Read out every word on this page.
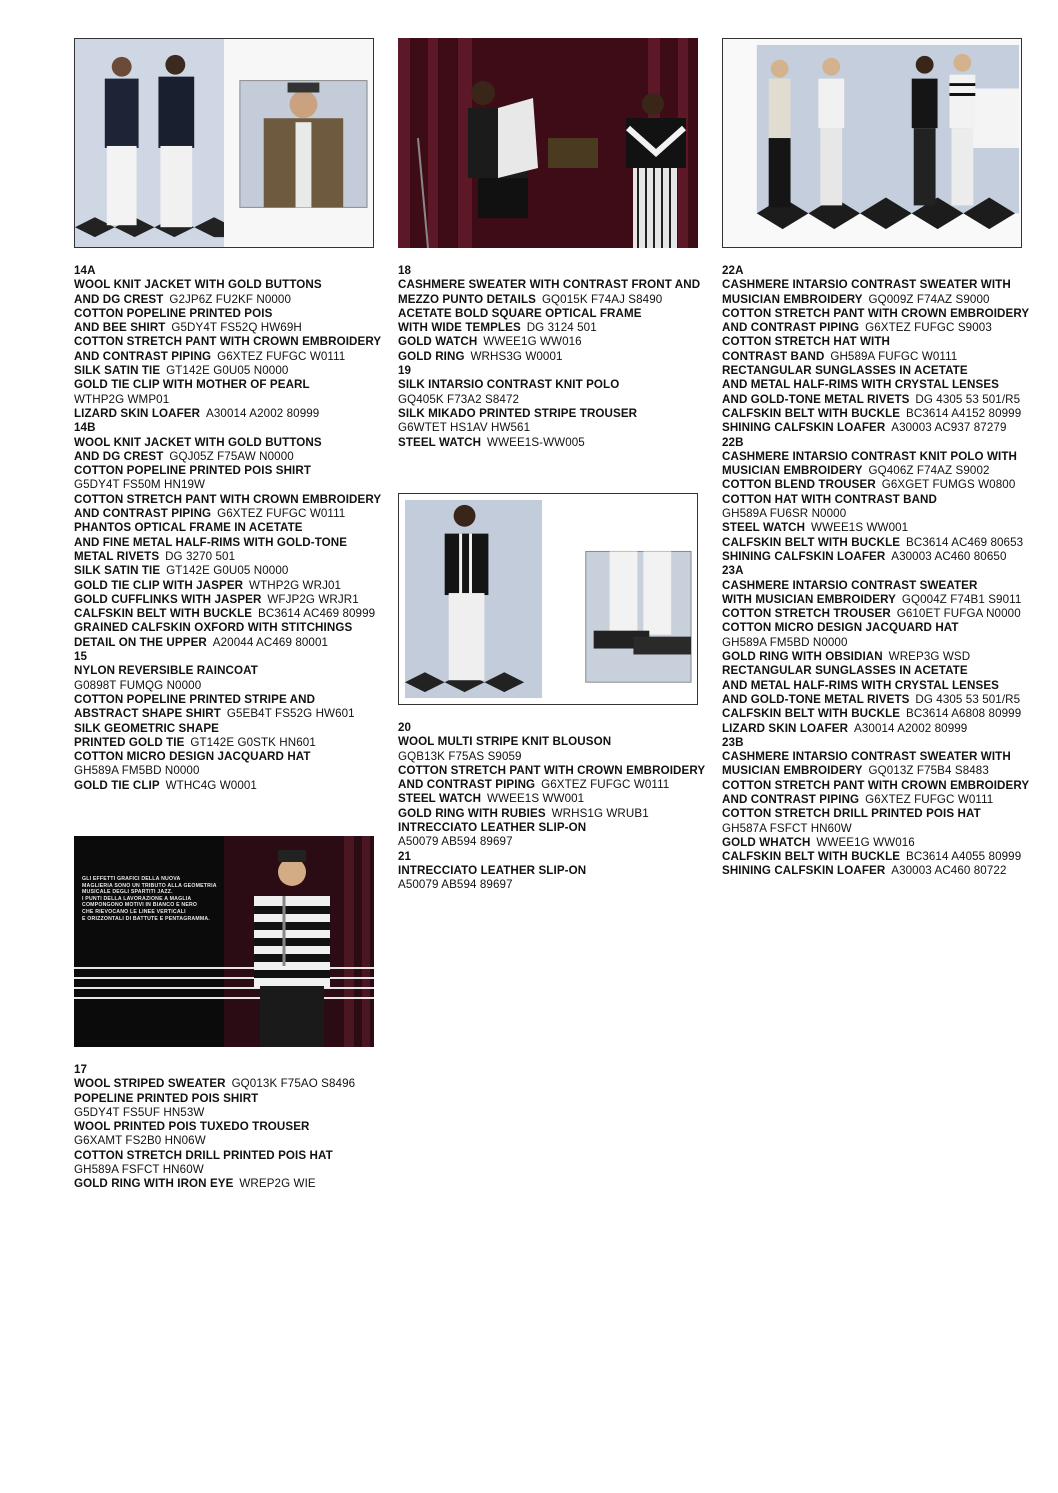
GLI EFFETTI GRAFICI DELLA NUOVA
MAGLIERIA SONO UN TRIBUTO ALLA GEOMETRIA
MUSICALE DEGLI SPARTITI JAZZ.
I PUNTI DELLA LAVORAZIONE A MAGLIA
COMPONGONO MOTIVI IN BIANCO E NERO
CHE RIEVOCANO LE LINEE VERTICALI
E ORIZZONTALI DI BATTUTE E PENTAGRAMMA.
14A
WOOL KNIT JACKET WITH GOLD BUTTONS
AND DG CREST  G2JP6Z FU2KF N0000
COTTON POPELINE PRINTED POIS
AND BEE SHIRT  G5DY4T FS52Q HW69H
COTTON STRETCH PANT WITH CROWN EMBROIDERY
AND CONTRAST PIPING  G6XTEZ FUFGC W0111
SILK SATIN TIE  GT142E G0U05 N0000
GOLD TIE CLIP WITH MOTHER OF PEARL
WTHP2G WMP01
LIZARD SKIN LOAFER  A30014 A2002 80999
14B
WOOL KNIT JACKET WITH GOLD BUTTONS
AND DG CREST  GQJ05Z F75AW N0000
COTTON POPELINE PRINTED POIS SHIRT
G5DY4T FS50M HN19W
COTTON STRETCH PANT WITH CROWN EMBROIDERY
AND CONTRAST PIPING  G6XTEZ FUFGC W0111
PHANTOS OPTICAL FRAME IN ACETATE
AND FINE METAL HALF-RIMS WITH GOLD-TONE
METAL RIVETS  DG 3270 501
SILK SATIN TIE  GT142E G0U05 N0000
GOLD TIE CLIP WITH JASPER  WTHP2G WRJ01
GOLD CUFFLINKS WITH JASPER  WFJP2G WRJR1
CALFSKIN BELT WITH BUCKLE  BC3614 AC469 80999
GRAINED CALFSKIN OXFORD WITH STITCHINGS
DETAIL ON THE UPPER  A20044 AC469 80001
15
NYLON REVERSIBLE RAINCOAT
G0898T FUMQG N0000
COTTON POPELINE PRINTED STRIPE AND
ABSTRACT SHAPE SHIRT  G5EB4T FS52G HW601
SILK GEOMETRIC SHAPE
PRINTED GOLD TIE  GT142E G0STK HN601
COTTON MICRO DESIGN JACQUARD HAT
GH589A FM5BD N0000
GOLD TIE CLIP  WTHC4G W0001
17
WOOL STRIPED SWEATER  GQ013K F75AO S8496
POPELINE PRINTED POIS SHIRT
G5DY4T FS5UF HN53W
WOOL PRINTED POIS TUXEDO TROUSER
G6XAMT FS2B0 HN06W
COTTON STRETCH DRILL PRINTED POIS HAT
GH589A FSFCT HN60W
GOLD RING WITH IRON EYE  WREP2G WIE
18
CASHMERE SWEATER WITH CONTRAST FRONT AND
MEZZO PUNTO DETAILS  GQ015K F74AJ S8490
ACETATE BOLD SQUARE OPTICAL FRAME
WITH WIDE TEMPLES  DG 3124 501
GOLD WATCH  WWEE1G WW016
GOLD RING  WRHS3G W0001
19
SILK INTARSIO CONTRAST KNIT POLO
GQ405K F73A2 S8472
SILK MIKADO PRINTED STRIPE TROUSER
G6WTET HS1AV HW561
STEEL WATCH  WWEE1S-WW005
20
WOOL MULTI STRIPE KNIT BLOUSON
GQB13K F75AS S9059
COTTON STRETCH PANT WITH CROWN EMBROIDERY
AND CONTRAST PIPING  G6XTEZ FUFGC W0111
STEEL WATCH  WWEE1S WW001
GOLD RING WITH RUBIES  WRHS1G WRUB1
INTRECCIATO LEATHER SLIP-ON
A50079 AB594 89697
21
INTRECCIATO LEATHER SLIP-ON
A50079 AB594 89697
22A
CASHMERE INTARSIO CONTRAST SWEATER WITH
MUSICIAN EMBROIDERY  GQ009Z F74AZ S9000
COTTON STRETCH PANT WITH CROWN EMBROIDERY
AND CONTRAST PIPING  G6XTEZ FUFGC S9003
COTTON STRETCH HAT WITH
CONTRAST BAND  GH589A FUFGC W0111
RECTANGULAR SUNGLASSES IN ACETATE
AND METAL HALF-RIMS WITH CRYSTAL LENSES
AND GOLD-TONE METAL RIVETS  DG 4305 53 501/R5
CALFSKIN BELT WITH BUCKLE  BC3614 A4152 80999
SHINING CALFSKIN LOAFER  A30003 AC937 87279
22B
CASHMERE INTARSIO CONTRAST KNIT POLO WITH
MUSICIAN EMBROIDERY  GQ406Z F74AZ S9002
COTTON BLEND TROUSER  G6XGET FUMGS W0800
COTTON HAT WITH CONTRAST BAND
GH589A FU6SR N0000
STEEL WATCH  WWEE1S WW001
CALFSKIN BELT WITH BUCKLE  BC3614 AC469 80653
SHINING CALFSKIN LOAFER  A30003 AC460 80650
23A
CASHMERE INTARSIO CONTRAST SWEATER
WITH MUSICIAN EMBROIDERY  GQ004Z F74B1 S9011
COTTON STRETCH TROUSER  G610ET FUFGA N0000
COTTON MICRO DESIGN JACQUARD HAT
GH589A FM5BD N0000
GOLD RING WITH OBSIDIAN  WREP3G WSD
RECTANGULAR SUNGLASSES IN ACETATE
AND METAL HALF-RIMS WITH CRYSTAL LENSES
AND GOLD-TONE METAL RIVETS  DG 4305 53 501/R5
CALFSKIN BELT WITH BUCKLE  BC3614 A6808 80999
LIZARD SKIN LOAFER  A30014 A2002 80999
23B
CASHMERE INTARSIO CONTRAST SWEATER WITH
MUSICIAN EMBROIDERY  GQ013Z F75B4 S8483
COTTON STRETCH PANT WITH CROWN EMBROIDERY
AND CONTRAST PIPING  G6XTEZ FUFGC W0111
COTTON STRETCH DRILL PRINTED POIS HAT
GH587A FSFCT HN60W
GOLD WHATCH  WWEE1G WW016
CALFSKIN BELT WITH BUCKLE  BC3614 A4055 80999
SHINING CALFSKIN LOAFER  A30003 AC460 80722
